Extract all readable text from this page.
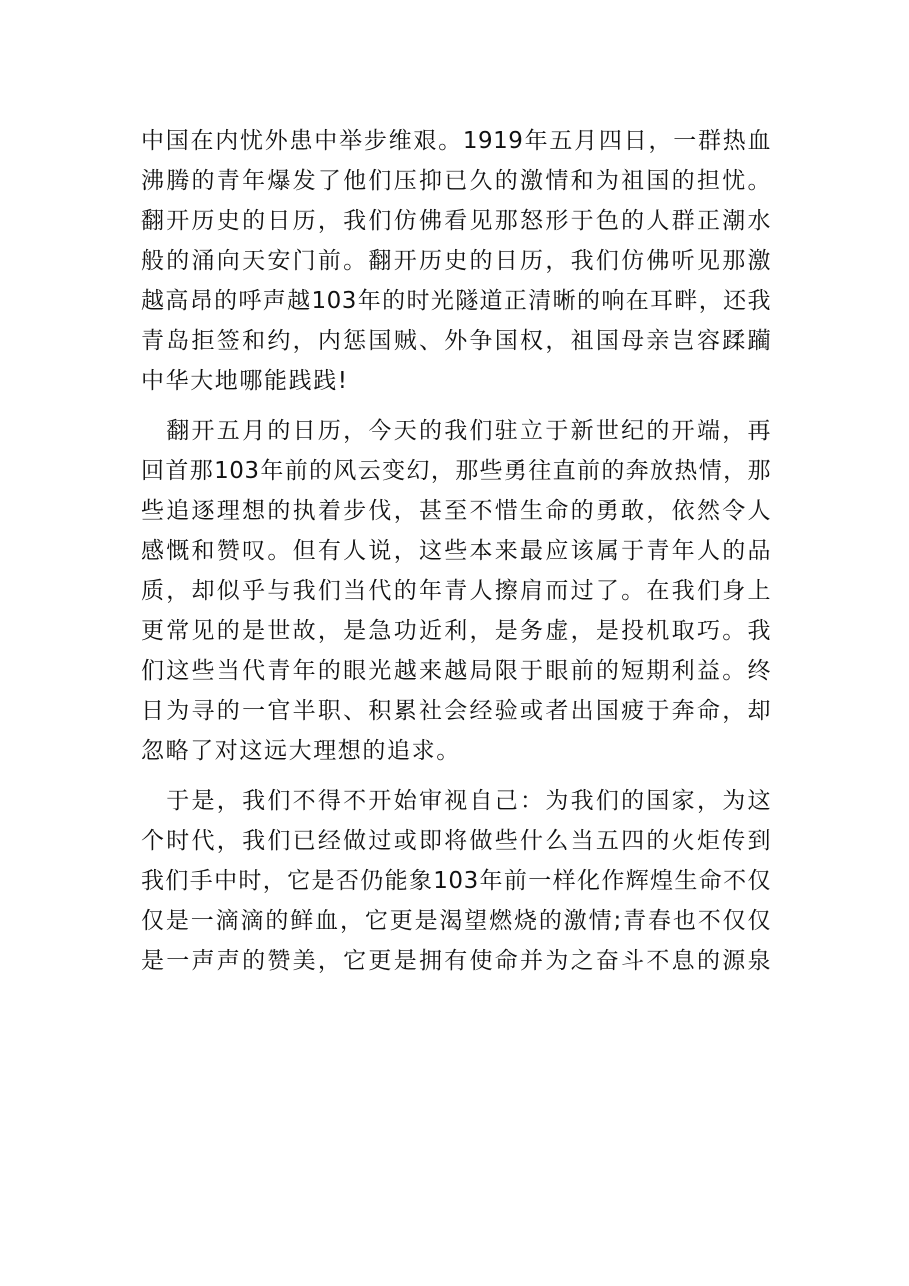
中国在内忧外患中举步维艰。1919年五月四日，一群热血
沸腾的青年爆发了他们压抑已久的激情和为祖国的担忧。
翻开历史的日历，我们仿佛看见那怒形于色的人群正潮水
般的涌向天安门前。翻开历史的日历，我们仿佛听见那激
越高昂的呼声越103年的时光隧道正清晰的响在耳畔，还我
青岛拒签和约，内惩国贼、外争国权，祖国母亲岂容蹂躏
中华大地哪能践践!
　翻开五月的日历，今天的我们驻立于新世纪的开端，再
回首那103年前的风云变幻，那些勇往直前的奔放热情，那
些追逐理想的执着步伐，甚至不惜生命的勇敢，依然令人
感慨和赞叹。但有人说，这些本来最应该属于青年人的品
质，却似乎与我们当代的年青人擦肩而过了。在我们身上
更常见的是世故，是急功近利，是务虚，是投机取巧。我
们这些当代青年的眼光越来越局限于眼前的短期利益。终
日为寻的一官半职、积累社会经验或者出国疲于奔命，却
忽略了对这远大理想的追求。
　于是，我们不得不开始审视自己：为我们的国家，为这
个时代，我们已经做过或即将做些什么当五四的火炬传到
我们手中时，它是否仍能象103年前一样化作辉煌生命不仅
仅是一滴滴的鲜血，它更是渴望燃烧的激情;青春也不仅仅
是一声声的赞美，它更是拥有使命并为之奋斗不息的源泉
